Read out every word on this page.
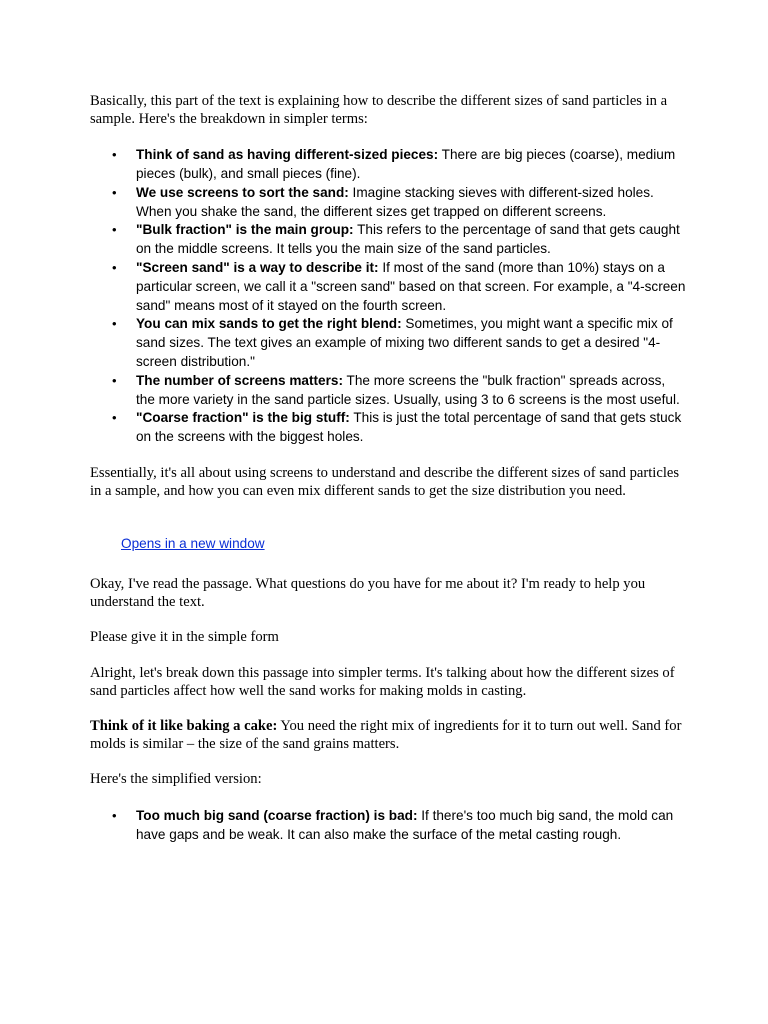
Basically, this part of the text is explaining how to describe the different sizes of sand particles in a sample. Here's the breakdown in simpler terms:

• Think of sand as having different-sized pieces: There are big pieces (coarse), medium pieces (bulk), and small pieces (fine).
• We use screens to sort the sand: Imagine stacking sieves with different-sized holes. When you shake the sand, the different sizes get trapped on different screens.
• "Bulk fraction" is the main group: This refers to the percentage of sand that gets caught on the middle screens. It tells you the main size of the sand particles.
• "Screen sand" is a way to describe it: If most of the sand (more than 10%) stays on a particular screen, we call it a "screen sand" based on that screen. For example, a "4-screen sand" means most of it stayed on the fourth screen.
• You can mix sands to get the right blend: Sometimes, you might want a specific mix of sand sizes. The text gives an example of mixing two different sands to get a desired "4-screen distribution."
• The number of screens matters: The more screens the "bulk fraction" spreads across, the more variety in the sand particle sizes. Usually, using 3 to 6 screens is the most useful.
• "Coarse fraction" is the big stuff: This is just the total percentage of sand that gets stuck on the screens with the biggest holes.

Essentially, it's all about using screens to understand and describe the different sizes of sand particles in a sample, and how you can even mix different sands to get the size distribution you need.

Opens in a new window

Okay, I've read the passage. What questions do you have for me about it? I'm ready to help you understand the text.

Please give it in the simple form

Alright, let's break down this passage into simpler terms. It's talking about how the different sizes of sand particles affect how well the sand works for making molds in casting.

Think of it like baking a cake: You need the right mix of ingredients for it to turn out well. Sand for molds is similar – the size of the sand grains matters.

Here's the simplified version:

• Too much big sand (coarse fraction) is bad: If there's too much big sand, the mold can have gaps and be weak. It can also make the surface of the metal casting rough.
